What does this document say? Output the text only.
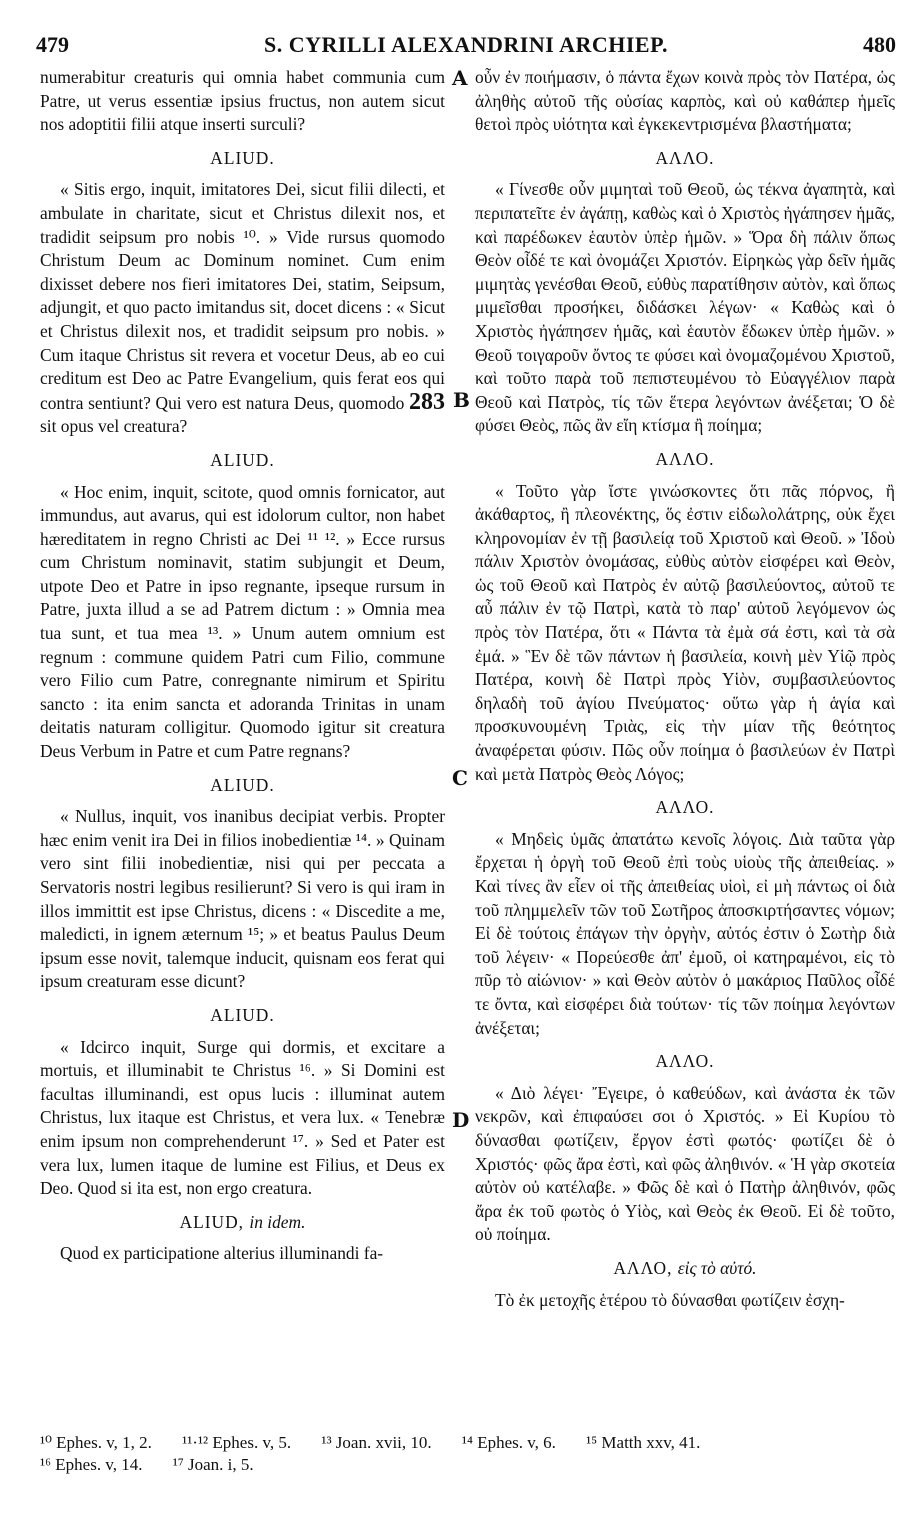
479	S. CYRILLI ALEXANDRINI ARCHIEP.	480
A
B
C
D

numerabitur creaturis qui omnia habet communia cum Patre, ut verus essentiæ ipsius fructus, non autem sicut nos adoptitii filii atque inserti surculi?

ALIUD.

« Sitis ergo, inquit, imitatores Dei, sicut filii dilecti, et ambulate in charitate, sicut et Christus dilexit nos, et tradidit seipsum pro nobis ¹⁰. » Vide rursus quomodo Christum Deum ac Dominum nominet. Cum enim dixisset debere nos fieri imitatores Dei, statim, Seipsum, adjungit, et quo pacto imitandus sit, docet dicens : « Sicut et Christus dilexit nos, et tradidit seipsum pro nobis. » Cum itaque Christus sit revera et vocetur Deus, ab eo cui creditum est Deo ac Patre Evangelium, quis ferat eos qui contra sentiunt? Qui vero est natura Deus, quomodo 283 sit opus vel creatura?

ALIUD.

« Hoc enim, inquit, scitote, quod omnis fornicator, aut immundus, aut avarus, qui est idolorum cultor, non habet hæreditatem in regno Christi ac Dei ¹¹ ¹². » Ecce rursus cum Christum nominavit, statim subjungit et Deum, utpote Deo et Patre in ipso regnante, ipseque rursum in Patre, juxta illud a se ad Patrem dictum : » Omnia mea tua sunt, et tua mea ¹³. » Unum autem omnium est regnum : commune quidem Patri cum Filio, commune vero Filio cum Patre, conregnante nimirum et Spiritu sancto : ita enim sancta et adoranda Trinitas in unam deitatis naturam colligitur. Quomodo igitur sit creatura Deus Verbum in Patre et cum Patre regnans?

ALIUD.

« Nullus, inquit, vos inanibus decipiat verbis. Propter hæc enim venit ira Dei in filios inobedientiæ ¹⁴. » Quinam vero sint filii inobedientiæ, nisi qui per peccata a Servatoris nostri legibus resilierunt? Si vero is qui iram in illos immittit est ipse Christus, dicens : « Discedite a me, maledicti, in ignem æternum ¹⁵; » et beatus Paulus Deum ipsum esse novit, talemque inducit, quisnam eos ferat qui ipsum creaturam esse dicunt?

ALIUD.

« Idcirco inquit, Surge qui dormis, et excitare a mortuis, et illuminabit te Christus ¹⁶. » Si Domini est facultas illuminandi, est opus lucis : illuminat autem Christus, lux itaque est Christus, et vera lux. « Tenebræ enim ipsum non comprehenderunt ¹⁷. » Sed et Pater est vera lux, lumen itaque de lumine est Filius, et Deus ex Deo. Quod si ita est, non ergo creatura.

ALIUD, in idem.

Quod ex participatione alterius illuminandi fa-

οὖν ἐν ποιήμασιν, ὁ πάντα ἔχων κοινὰ πρὸς τὸν Πατέρα, ὡς ἀληθὴς αὐτοῦ τῆς οὐσίας καρπὸς, καὶ οὐ καθάπερ ἡμεῖς θετοὶ πρὸς υἱότητα καὶ ἐγκεκεντρισμένα βλαστήματα;

ΑΛΛΟ.

« Γίνεσθε οὖν μιμηταὶ τοῦ Θεοῦ, ὡς τέκνα ἀγαπητὰ, καὶ περιπατεῖτε ἐν ἀγάπῃ, καθὼς καὶ ὁ Χριστὸς ἠγάπησεν ἡμᾶς, καὶ παρέδωκεν ἑαυτὸν ὑπὲρ ἡμῶν. » Ὅρα δὴ πάλιν ὅπως Θεὸν οἶδέ τε καὶ ὀνομάζει Χριστόν. Εἰρηκὼς γὰρ δεῖν ἡμᾶς μιμητὰς γενέσθαι Θεοῦ, εὐθὺς παρατίθησιν αὐτὸν, καὶ ὅπως μιμεῖσθαι προσήκει, διδάσκει λέγων· « Καθὼς καὶ ὁ Χριστὸς ἠγάπησεν ἡμᾶς, καὶ ἑαυτὸν ἔδωκεν ὑπὲρ ἡμῶν. » Θεοῦ τοιγαροῦν ὄντος τε φύσει καὶ ὀνομαζομένου Χριστοῦ, καὶ τοῦτο παρὰ τοῦ πεπιστευμένου τὸ Εὐαγγέλιον παρὰ Θεοῦ καὶ Πατρὸς, τίς τῶν ἕτερα λεγόντων ἀνέξεται; Ὁ δὲ φύσει Θεὸς, πῶς ἂν εἴη κτίσμα ἢ ποίημα;

ΑΛΛΟ.

« Τοῦτο γὰρ ἴστε γινώσκοντες ὅτι πᾶς πόρνος, ἢ ἀκάθαρτος, ἢ πλεονέκτης, ὅς ἐστιν εἰδωλολάτρης, οὐκ ἔχει κληρονομίαν ἐν τῇ βασιλείᾳ τοῦ Χριστοῦ καὶ Θεοῦ. » Ἰδοὺ πάλιν Χριστὸν ὀνομάσας, εὐθὺς αὐτὸν εἰσφέρει καὶ Θεὸν, ὡς τοῦ Θεοῦ καὶ Πατρὸς ἐν αὐτῷ βασιλεύοντος, αὐτοῦ τε αὖ πάλιν ἐν τῷ Πατρὶ, κατὰ τὸ παρ' αὐτοῦ λεγόμενον ὡς πρὸς τὸν Πατέρα, ὅτι « Πάντα τὰ ἐμὰ σά ἐστι, καὶ τὰ σὰ ἐμά. » Ἓν δὲ τῶν πάντων ἡ βασιλεία, κοινὴ μὲν Υἱῷ πρὸς Πατέρα, κοινὴ δὲ Πατρὶ πρὸς Υἱὸν, συμβασιλεύοντος δηλαδὴ τοῦ ἁγίου Πνεύματος· οὕτω γὰρ ἡ ἁγία καὶ προσκυνουμένη Τριὰς, εἰς τὴν μίαν τῆς θεότητος ἀναφέρεται φύσιν. Πῶς οὖν ποίημα ὁ βασιλεύων ἐν Πατρὶ καὶ μετὰ Πατρὸς Θεὸς Λόγος;

ΑΛΛΟ.

« Μηδεὶς ὑμᾶς ἀπατάτω κενοῖς λόγοις. Διὰ ταῦτα γὰρ ἔρχεται ἡ ὀργὴ τοῦ Θεοῦ ἐπὶ τοὺς υἱοὺς τῆς ἀπειθείας. » Καὶ τίνες ἂν εἶεν οἱ τῆς ἀπειθείας υἱοὶ, εἰ μὴ πάντως οἱ διὰ τοῦ πλημμελεῖν τῶν τοῦ Σωτῆρος ἀποσκιρτήσαντες νόμων; Εἰ δὲ τούτοις ἐπάγων τὴν ὀργὴν, αὐτός ἐστιν ὁ Σωτὴρ διὰ τοῦ λέγειν· « Πορεύεσθε ἀπ' ἐμοῦ, οἱ κατηραμένοι, εἰς τὸ πῦρ τὸ αἰώνιον· » καὶ Θεὸν αὐτὸν ὁ μακάριος Παῦλος οἶδέ τε ὄντα, καὶ εἰσφέρει διὰ τούτων· τίς τῶν ποίημα λεγόντων ἀνέξεται;

ΑΛΛΟ.

« Διὸ λέγει· Ἔγειρε, ὁ καθεύδων, καὶ ἀνάστα ἐκ τῶν νεκρῶν, καὶ ἐπιφαύσει σοι ὁ Χριστός. » Εἰ Κυρίου τὸ δύνασθαι φωτίζειν, ἔργον ἐστὶ φωτός· φωτίζει δὲ ὁ Χριστός· φῶς ἄρα ἐστὶ, καὶ φῶς ἀληθινόν. « Ἡ γὰρ σκοτεία αὐτὸν οὐ κατέλαβε. » Φῶς δὲ καὶ ὁ Πατὴρ ἀληθινόν, φῶς ἄρα ἐκ τοῦ φωτὸς ὁ Υἱὸς, καὶ Θεὸς ἐκ Θεοῦ. Εἰ δὲ τοῦτο, οὐ ποίημα.

ΑΛΛΟ, εἰς τὸ αὐτό.

Τὸ ἐκ μετοχῆς ἑτέρου τὸ δύνασθαι φωτίζειν ἐσχη-

¹⁰ Ephes. v, 1, 2. ¹¹·¹² Ephes. v, 5. ¹³ Joan. xvii, 10. ¹⁴ Ephes. v, 6. ¹⁵ Matth xxv, 41.
¹⁶ Ephes. v, 14. ¹⁷ Joan. i, 5.
